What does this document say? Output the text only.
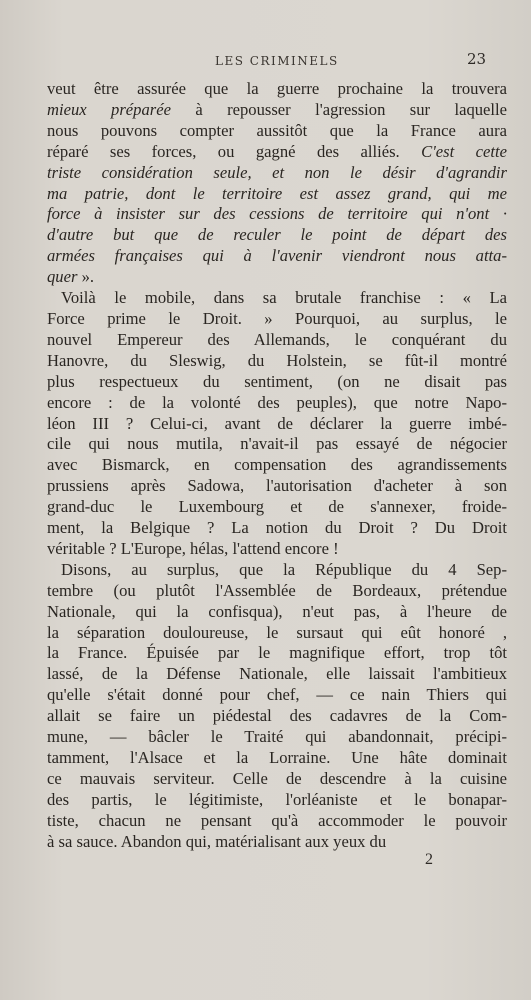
LES CRIMINELS	23
veut être assurée que la guerre prochaine la trouvera
mieux préparée à repousser l'agression sur laquelle
nous pouvons compter aussitôt que la France aura
réparé ses forces, ou gagné des alliés. C'est cette
triste considération seule, et non le désir d'agrandir
ma patrie, dont le territoire est assez grand, qui me
force à insister sur des cessions de territoire qui n'ont ·
d'autre but que de reculer le point de départ des
armées françaises qui à l'avenir viendront nous atta-
quer ».
Voilà le mobile, dans sa brutale franchise : « La
Force prime le Droit. » Pourquoi, au surplus, le
nouvel Empereur des Allemands, le conquérant du
Hanovre, du Sleswig, du Holstein, se fût-il montré
plus respectueux du sentiment, (on ne disait pas
encore : de la volonté des peuples), que notre Napo-
léon III ? Celui-ci, avant de déclarer la guerre imbé-
cile qui nous mutila, n'avait-il pas essayé de négocier
avec Bismarck, en compensation des agrandissements
prussiens après Sadowa, l'autorisation d'acheter à son
grand-duc le Luxembourg et de s'annexer, froide-
ment, la Belgique ? La notion du Droit ? Du Droit
véritable ? L'Europe, hélas, l'attend encore !
Disons, au surplus, que la République du 4 Sep-
tembre (ou plutôt l'Assemblée de Bordeaux, prétendue
Nationale, qui la confisqua), n'eut pas, à l'heure de
la séparation douloureuse, le sursaut qui eût honoré ,
la France. Épuisée par le magnifique effort, trop tôt
lassé, de la Défense Nationale, elle laissait l'ambitieux
qu'elle s'était donné pour chef, — ce nain Thiers qui
allait se faire un piédestal des cadavres de la Com-
mune, — bâcler le Traité qui abandonnait, précipi-
tamment, l'Alsace et la Lorraine. Une hâte dominait
ce mauvais serviteur. Celle de descendre à la cuisine
des partis, le légitimiste, l'orléaniste et le bonapar-
tiste, chacun ne pensant qu'à accommoder le pouvoir
à sa sauce. Abandon qui, matérialisant aux yeux du
2
